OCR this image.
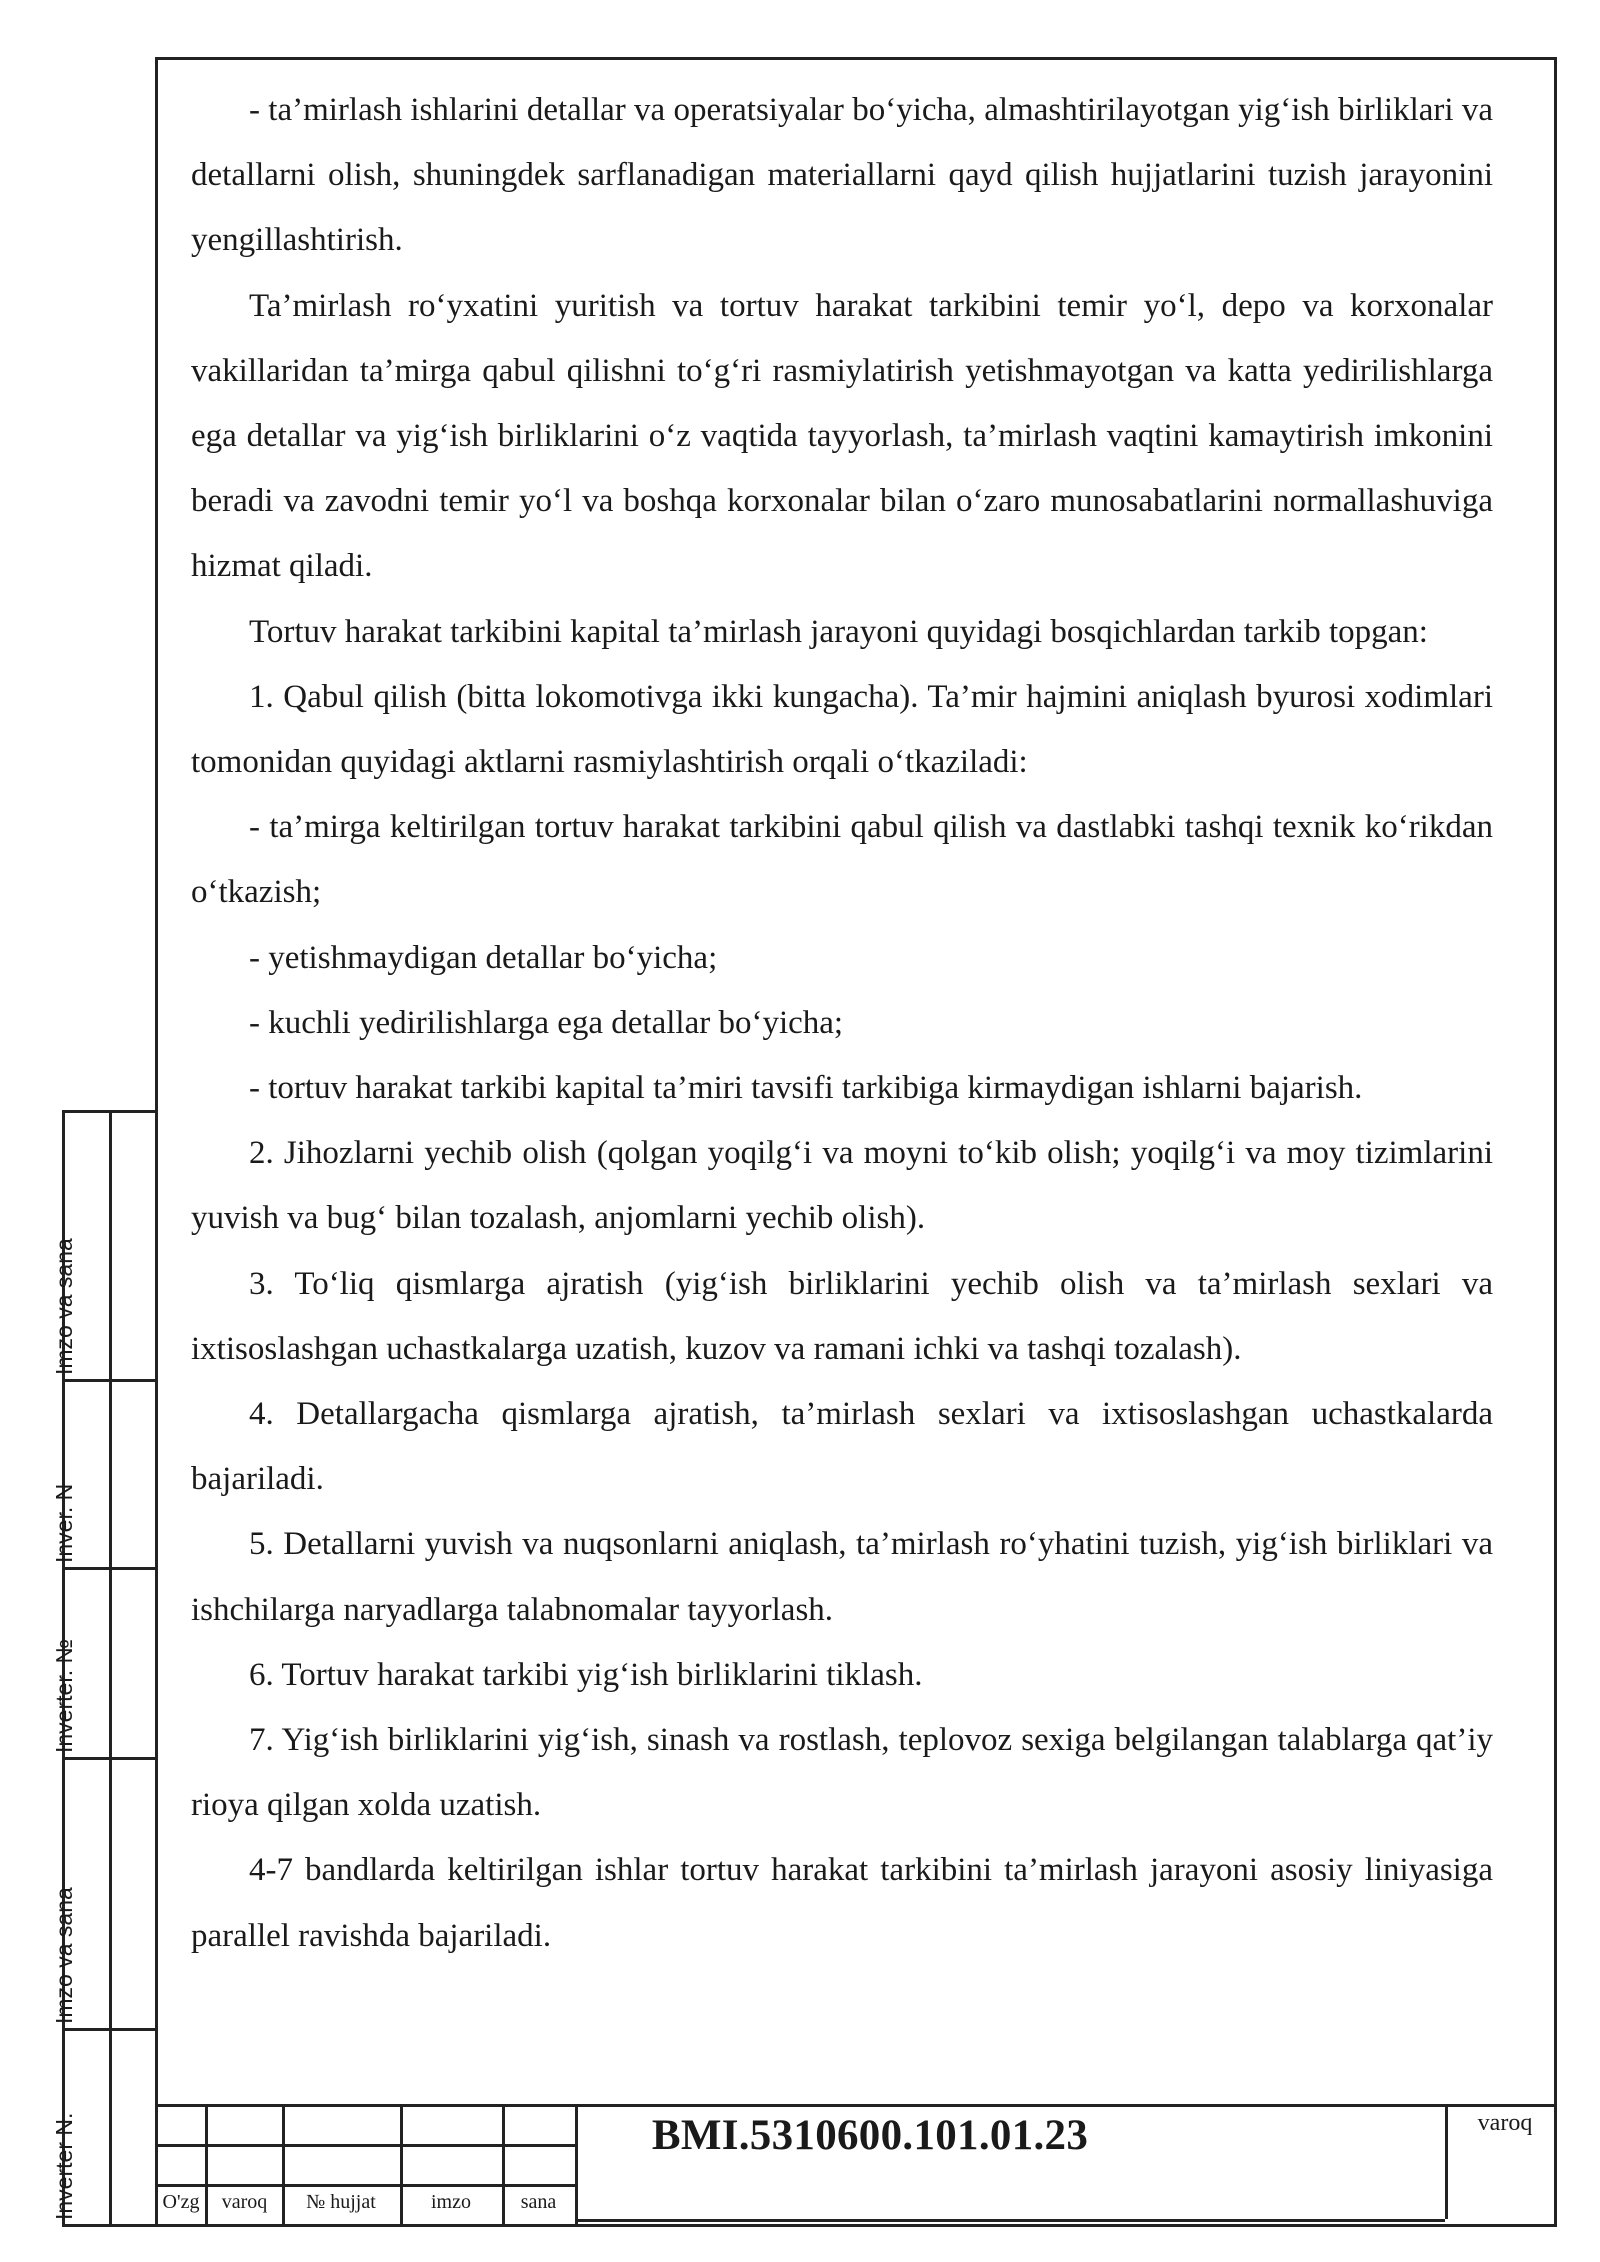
- ta’mirlash ishlarini detallar va operatsiyalar bo‘yicha, almashtirilayotgan yig‘ish birliklari va detallarni olish, shuningdek sarflanadigan materiallarni qayd qilish hujjatlarini tuzish jarayonini yengillashtirish.

Ta’mirlash ro‘yxatini yuritish va tortuv harakat tarkibini temir yo‘l, depo va korxonalar vakillaridan ta’mirga qabul qilishni to‘g‘ri rasmiylatirish yetishmayotgan va katta yedirilishlarga ega detallar va yig‘ish birliklarini o‘z vaqtida tayyorlash, ta’mirlash vaqtini kamaytirish imkonini beradi va zavodni temir yo‘l va boshqa korxonalar bilan o‘zaro munosabatlarini normallashuviga hizmat qiladi.

Tortuv harakat tarkibini kapital ta’mirlash jarayoni quyidagi bosqichlardan tarkib topgan:

1. Qabul qilish (bitta lokomotivga ikki kungacha). Ta’mir hajmini aniqlash byurosi xodimlari tomonidan quyidagi aktlarni rasmiylashtirish orqali o‘tkaziladi:

- ta’mirga keltirilgan tortuv harakat tarkibini qabul qilish va dastlabki tashqi texnik ko‘rikdan o‘tkazish;

- yetishmaydigan detallar bo‘yicha;

- kuchli yedirilishlarga ega detallar bo‘yicha;

- tortuv harakat tarkibi kapital ta’miri tavsifi tarkibiga kirmaydigan ishlarni bajarish.

2. Jihozlarni yechib olish (qolgan yoqilg‘i va moyni to‘kib olish; yoqilg‘i va moy tizimlarini yuvish va bug‘ bilan tozalash, anjomlarni yechib olish).

3. To‘liq qismlarga ajratish (yig‘ish birliklarini yechib olish va ta’mirlash sexlari va ixtisoslashgan uchastkalarga uzatish, kuzov va ramani ichki va tashqi tozalash).

4. Detallargacha qismlarga ajratish, ta’mirlash sexlari va ixtisoslashgan uchastkalarda bajariladi.

5. Detallarni yuvish va nuqsonlarni aniqlash, ta’mirlash ro‘yhatini tuzish, yig‘ish birliklari va ishchilarga naryadlarga talabnomalar tayyorlash.

6. Tortuv harakat tarkibi yig‘ish birliklarini tiklash.

7. Yig‘ish birliklarini yig‘ish, sinash va rostlash, teplovoz sexiga belgilangan talablarga qat’iy rioya qilgan xolda uzatish.

4-7 bandlarda keltirilgan ishlar tortuv harakat tarkibini ta’mirlash jarayoni asosiy liniyasiga parallel ravishda bajariladi.

Imzo va sana
Inver. N
Inverter. №
Imzo va sana
Inverter N.	O'zg	varoq	№ hujjat	imzo	sana
BMI.5310600.101.01.23	varoq
